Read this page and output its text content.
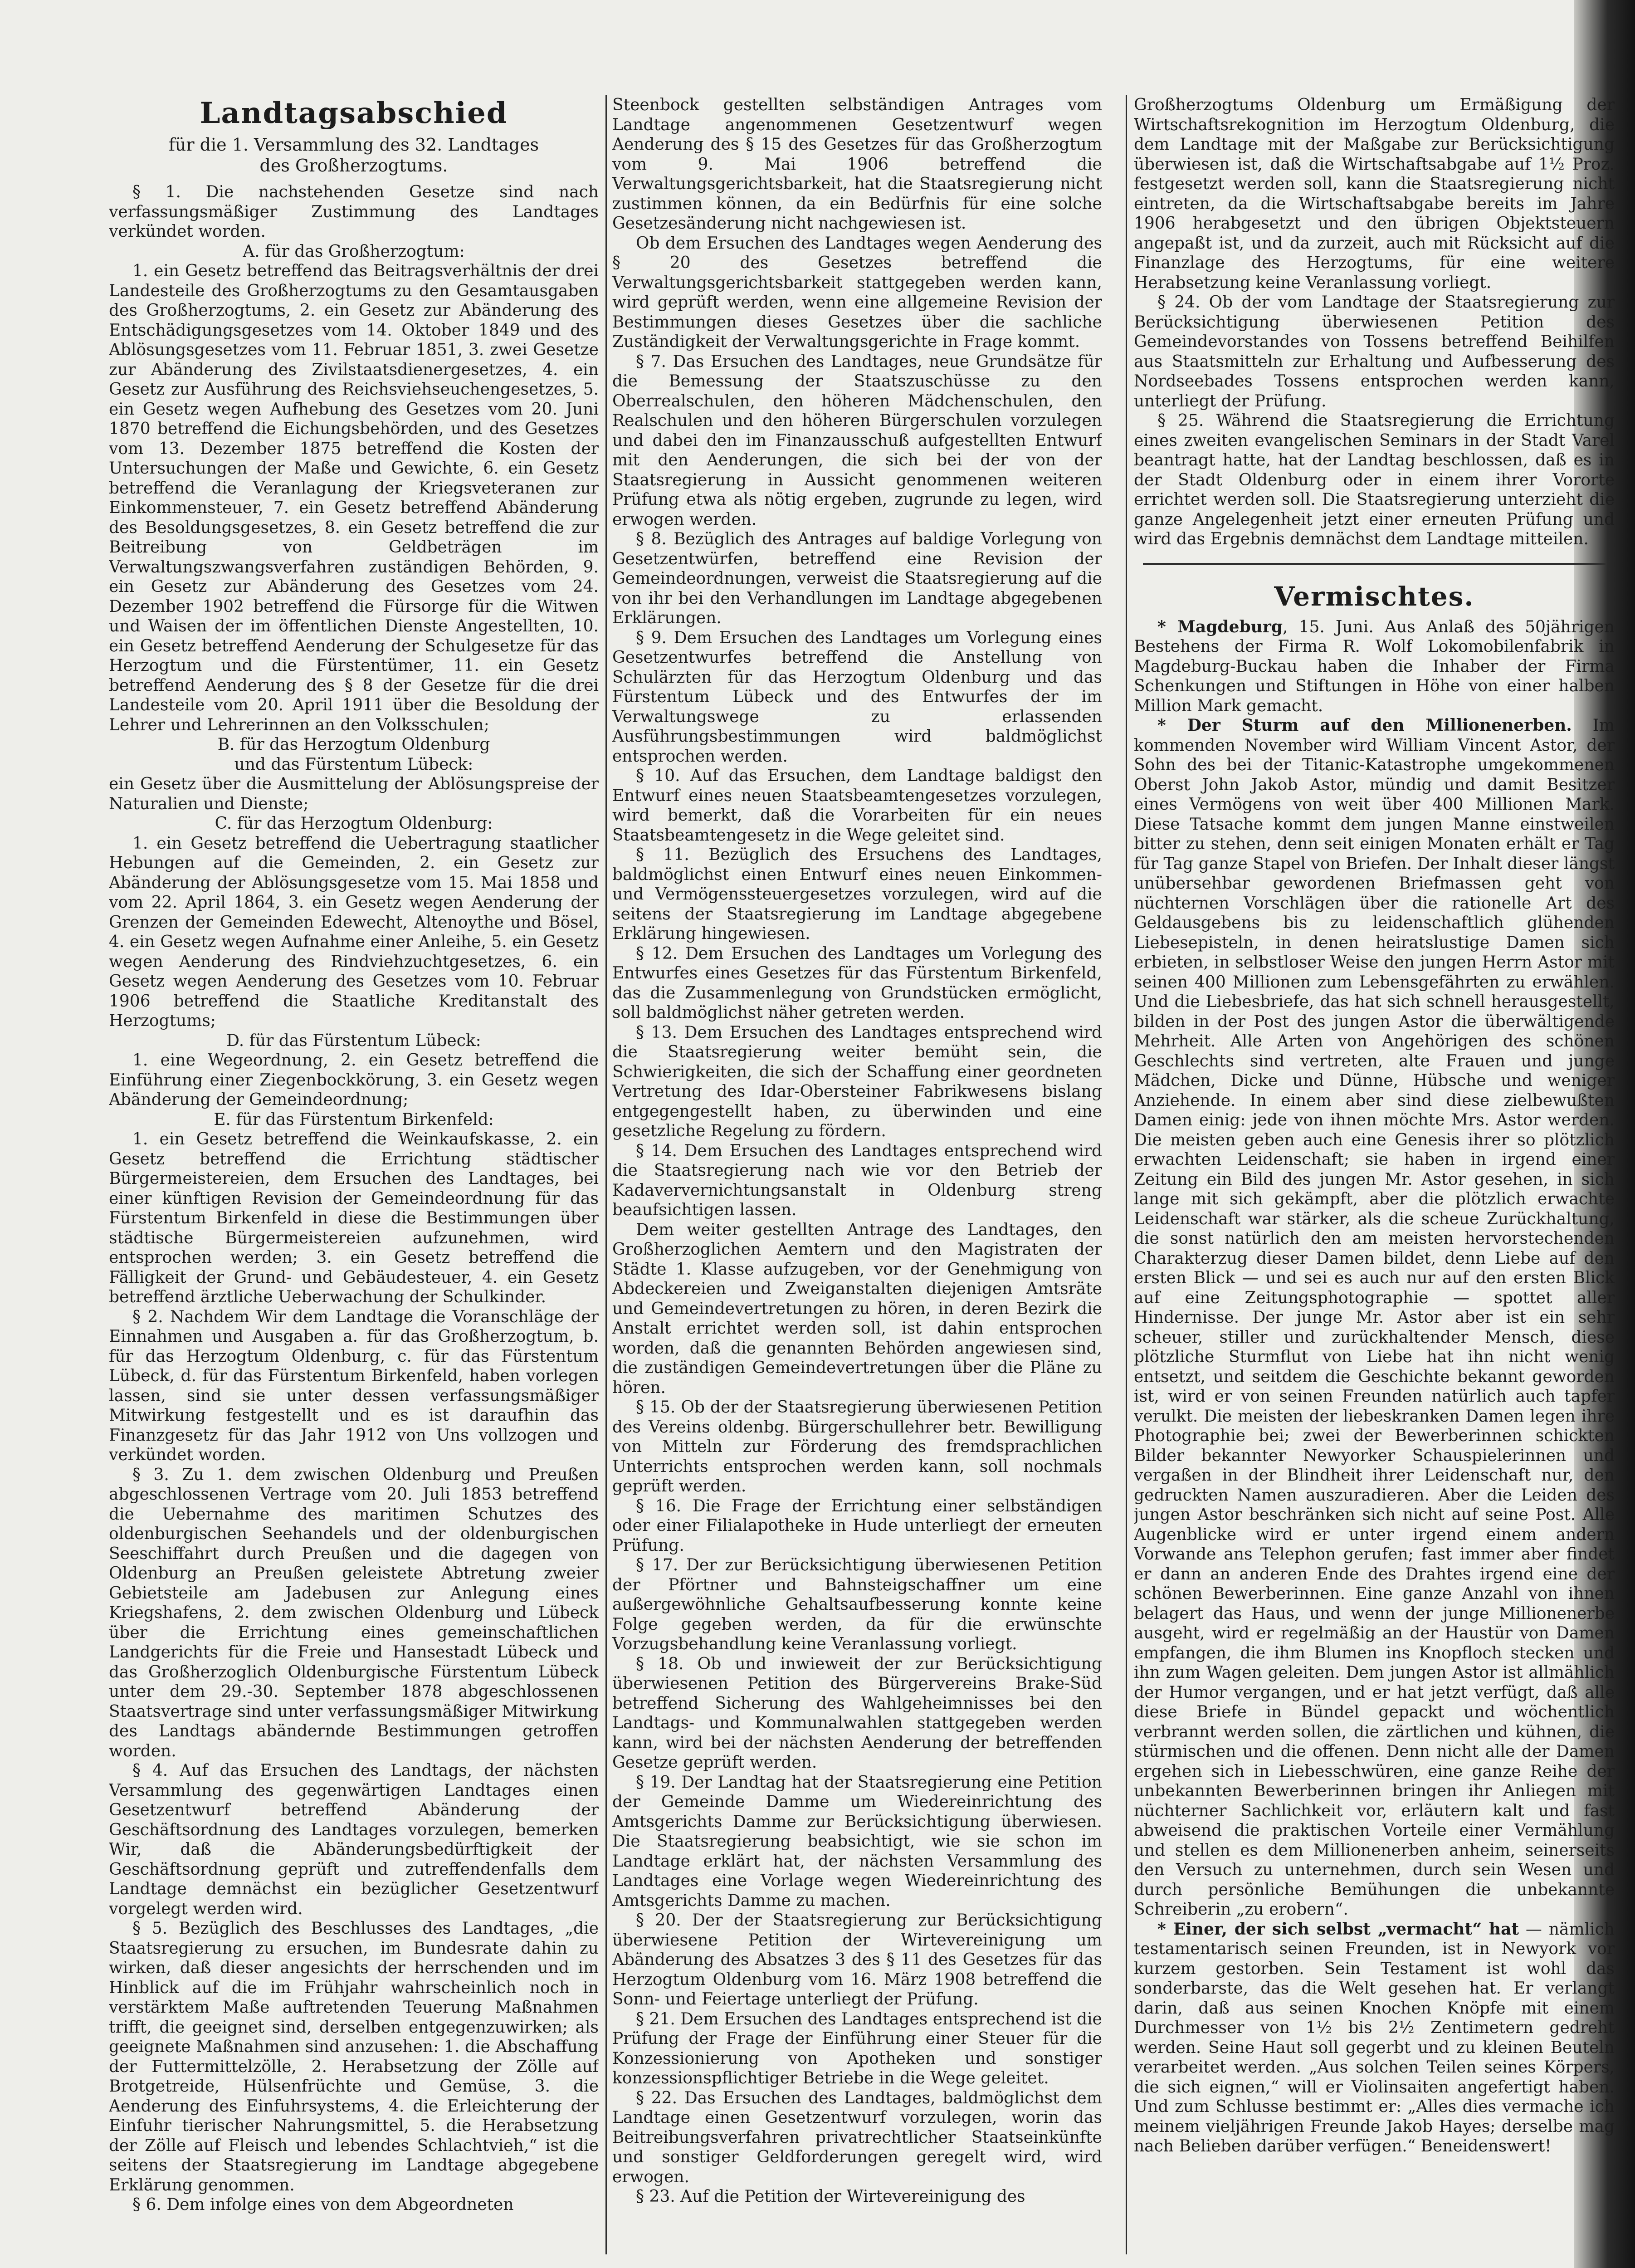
Landtagsabschied

für die 1. Versammlung des 32. Landtages

des Großherzogtums.

§ 1. Die nachstehenden Gesetze sind nach verfassungsmäßiger Zustimmung des Landtages verkündet worden.

A. für das Großherzogtum:

1. ein Gesetz betreffend das Beitragsverhältnis der drei Landesteile des Großherzogtums zu den Gesamtausgaben des Großherzogtums, 2. ein Gesetz zur Abänderung des Entschädigungsgesetzes vom 14. Oktober 1849 und des Ablösungsgesetzes vom 11. Februar 1851, 3. zwei Gesetze zur Abänderung des Zivilstaatsdienergesetzes, 4. ein Gesetz zur Ausführung des Reichsviehseuchengesetzes, 5. ein Gesetz wegen Aufhebung des Gesetzes vom 20. Juni 1870 betreffend die Eichungsbehörden, und des Gesetzes vom 13. Dezember 1875 betreffend die Kosten der Untersuchungen der Maße und Gewichte, 6. ein Gesetz betreffend die Veranlagung der Kriegsveteranen zur Einkommensteuer, 7. ein Gesetz betreffend Abänderung des Besoldungsgesetzes, 8. ein Gesetz betreffend die zur Beitreibung von Geldbeträgen im Verwaltungszwangsverfahren zuständigen Behörden, 9. ein Gesetz zur Abänderung des Gesetzes vom 24. Dezember 1902 betreffend die Fürsorge für die Witwen und Waisen der im öffentlichen Dienste Angestellten, 10. ein Gesetz betreffend Aenderung der Schulgesetze für das Herzogtum und die Fürstentümer, 11. ein Gesetz betreffend Aenderung des § 8 der Gesetze für die drei Landesteile vom 20. April 1911 über die Besoldung der Lehrer und Lehrerinnen an den Volksschulen;

B. für das Herzogtum Oldenburg

und das Fürstentum Lübeck:

ein Gesetz über die Ausmittelung der Ablösungspreise der Naturalien und Dienste;

C. für das Herzogtum Oldenburg:

1. ein Gesetz betreffend die Uebertragung staatlicher Hebungen auf die Gemeinden, 2. ein Gesetz zur Abänderung der Ablösungsgesetze vom 15. Mai 1858 und vom 22. April 1864, 3. ein Gesetz wegen Aenderung der Grenzen der Gemeinden Edewecht, Altenoythe und Bösel, 4. ein Gesetz wegen Aufnahme einer Anleihe, 5. ein Gesetz wegen Aenderung des Rindviehzuchtgesetzes, 6. ein Gesetz wegen Aenderung des Gesetzes vom 10. Februar 1906 betreffend die Staatliche Kreditanstalt des Herzogtums;

D. für das Fürstentum Lübeck:

1. eine Wegeordnung, 2. ein Gesetz betreffend die Einführung einer Ziegenbockkörung, 3. ein Gesetz wegen Abänderung der Gemeindeordnung;

E. für das Fürstentum Birkenfeld:

1. ein Gesetz betreffend die Weinkaufskasse, 2. ein Gesetz betreffend die Errichtung städtischer Bürgermeistereien, dem Ersuchen des Landtages, bei einer künftigen Revision der Gemeindeordnung für das Fürstentum Birkenfeld in diese die Bestimmungen über städtische Bürgermeistereien aufzunehmen, wird entsprochen werden; 3. ein Gesetz betreffend die Fälligkeit der Grund- und Gebäudesteuer, 4. ein Gesetz betreffend ärztliche Ueberwachung der Schulkinder.

§ 2. Nachdem Wir dem Landtage die Voranschläge der Einnahmen und Ausgaben a. für das Großherzogtum, b. für das Herzogtum Oldenburg, c. für das Fürstentum Lübeck, d. für das Fürstentum Birkenfeld, haben vorlegen lassen, sind sie unter dessen verfassungsmäßiger Mitwirkung festgestellt und es ist daraufhin das Finanzgesetz für das Jahr 1912 von Uns vollzogen und verkündet worden.

§ 3. Zu 1. dem zwischen Oldenburg und Preußen abgeschlossenen Vertrage vom 20. Juli 1853 betreffend die Uebernahme des maritimen Schutzes des oldenburgischen Seehandels und der oldenburgischen Seeschiffahrt durch Preußen und die dagegen von Oldenburg an Preußen geleistete Abtretung zweier Gebietsteile am Jadebusen zur Anlegung eines Kriegshafens, 2. dem zwischen Oldenburg und Lübeck über die Errichtung eines gemeinschaftlichen Landgerichts für die Freie und Hansestadt Lübeck und das Großherzoglich Oldenburgische Fürstentum Lübeck unter dem 29.-30. September 1878 abgeschlossenen Staatsvertrage sind unter verfassungsmäßiger Mitwirkung des Landtags abändernde Bestimmungen getroffen worden.

§ 4. Auf das Ersuchen des Landtags, der nächsten Versammlung des gegenwärtigen Landtages einen Gesetzentwurf betreffend Abänderung der Geschäftsordnung des Landtages vorzulegen, bemerken Wir, daß die Abänderungsbedürftigkeit der Geschäftsordnung geprüft und zutreffendenfalls dem Landtage demnächst ein bezüglicher Gesetzentwurf vorgelegt werden wird.

§ 5. Bezüglich des Beschlusses des Landtages, „die Staatsregierung zu ersuchen, im Bundesrate dahin zu wirken, daß dieser angesichts der herrschenden und im Hinblick auf die im Frühjahr wahrscheinlich noch in verstärktem Maße auftretenden Teuerung Maßnahmen trifft, die geeignet sind, derselben entgegenzuwirken; als geeignete Maßnahmen sind anzusehen: 1. die Abschaffung der Futtermittelzölle, 2. Herabsetzung der Zölle auf Brotgetreide, Hülsenfrüchte und Gemüse, 3. die Aenderung des Einfuhrsystems, 4. die Erleichterung der Einfuhr tierischer Nahrungsmittel, 5. die Herabsetzung der Zölle auf Fleisch und lebendes Schlachtvieh,“ ist die seitens der Staatsregierung im Landtage abgegebene Erklärung genommen.

§ 6. Dem infolge eines von dem Abgeordneten

Steenbock gestellten selbständigen Antrages vom Landtage angenommenen Gesetzentwurf wegen Aenderung des § 15 des Gesetzes für das Großherzogtum vom 9. Mai 1906 betreffend die Verwaltungsgerichtsbarkeit, hat die Staatsregierung nicht zustimmen können, da ein Bedürfnis für eine solche Gesetzesänderung nicht nachgewiesen ist.

Ob dem Ersuchen des Landtages wegen Aenderung des § 20 des Gesetzes betreffend die Verwaltungsgerichtsbarkeit stattgegeben werden kann, wird geprüft werden, wenn eine allgemeine Revision der Bestimmungen dieses Gesetzes über die sachliche Zuständigkeit der Verwaltungsgerichte in Frage kommt.

§ 7. Das Ersuchen des Landtages, neue Grundsätze für die Bemessung der Staatszuschüsse zu den Oberrealschulen, den höheren Mädchenschulen, den Realschulen und den höheren Bürgerschulen vorzulegen und dabei den im Finanzausschuß aufgestellten Entwurf mit den Aenderungen, die sich bei der von der Staatsregierung in Aussicht genommenen weiteren Prüfung etwa als nötig ergeben, zugrunde zu legen, wird erwogen werden.

§ 8. Bezüglich des Antrages auf baldige Vorlegung von Gesetzentwürfen, betreffend eine Revision der Gemeindeordnungen, verweist die Staatsregierung auf die von ihr bei den Verhandlungen im Landtage abgegebenen Erklärungen.

§ 9. Dem Ersuchen des Landtages um Vorlegung eines Gesetzentwurfes betreffend die Anstellung von Schulärzten für das Herzogtum Oldenburg und das Fürstentum Lübeck und des Entwurfes der im Verwaltungswege zu erlassenden Ausführungsbestimmungen wird baldmöglichst entsprochen werden.

§ 10. Auf das Ersuchen, dem Landtage baldigst den Entwurf eines neuen Staatsbeamtengesetzes vorzulegen, wird bemerkt, daß die Vorarbeiten für ein neues Staatsbeamtengesetz in die Wege geleitet sind.

§ 11. Bezüglich des Ersuchens des Landtages, baldmöglichst einen Entwurf eines neuen Einkommen- und Vermögenssteuergesetzes vorzulegen, wird auf die seitens der Staatsregierung im Landtage abgegebene Erklärung hingewiesen.

§ 12. Dem Ersuchen des Landtages um Vorlegung des Entwurfes eines Gesetzes für das Fürstentum Birkenfeld, das die Zusammenlegung von Grundstücken ermöglicht, soll baldmöglichst näher getreten werden.

§ 13. Dem Ersuchen des Landtages entsprechend wird die Staatsregierung weiter bemüht sein, die Schwierigkeiten, die sich der Schaffung einer geordneten Vertretung des Idar-Obersteiner Fabrikwesens bislang entgegengestellt haben, zu überwinden und eine gesetzliche Regelung zu fördern.

§ 14. Dem Ersuchen des Landtages entsprechend wird die Staatsregierung nach wie vor den Betrieb der Kadaververnichtungsanstalt in Oldenburg streng beaufsichtigen lassen.

Dem weiter gestellten Antrage des Landtages, den Großherzoglichen Aemtern und den Magistraten der Städte 1. Klasse aufzugeben, vor der Genehmigung von Abdeckereien und Zweiganstalten diejenigen Amtsräte und Gemeindevertretungen zu hören, in deren Bezirk die Anstalt errichtet werden soll, ist dahin entsprochen worden, daß die genannten Behörden angewiesen sind, die zuständigen Gemeindevertretungen über die Pläne zu hören.

§ 15. Ob der der Staatsregierung überwiesenen Petition des Vereins oldenbg. Bürgerschullehrer betr. Bewilligung von Mitteln zur Förderung des fremdsprachlichen Unterrichts entsprochen werden kann, soll nochmals geprüft werden.

§ 16. Die Frage der Errichtung einer selbständigen oder einer Filialapotheke in Hude unterliegt der erneuten Prüfung.

§ 17. Der zur Berücksichtigung überwiesenen Petition der Pförtner und Bahnsteigschaffner um eine außergewöhnliche Gehaltsaufbesserung konnte keine Folge gegeben werden, da für die erwünschte Vorzugsbehandlung keine Veranlassung vorliegt.

§ 18. Ob und inwieweit der zur Berücksichtigung überwiesenen Petition des Bürgervereins Brake-Süd betreffend Sicherung des Wahlgeheimnisses bei den Landtags- und Kommunalwahlen stattgegeben werden kann, wird bei der nächsten Aenderung der betreffenden Gesetze geprüft werden.

§ 19. Der Landtag hat der Staatsregierung eine Petition der Gemeinde Damme um Wiedereinrichtung des Amtsgerichts Damme zur Berücksichtigung überwiesen. Die Staatsregierung beabsichtigt, wie sie schon im Landtage erklärt hat, der nächsten Versammlung des Landtages eine Vorlage wegen Wiedereinrichtung des Amtsgerichts Damme zu machen.

§ 20. Der der Staatsregierung zur Berücksichtigung überwiesene Petition der Wirtevereinigung um Abänderung des Absatzes 3 des § 11 des Gesetzes für das Herzogtum Oldenburg vom 16. März 1908 betreffend die Sonn- und Feiertage unterliegt der Prüfung.

§ 21. Dem Ersuchen des Landtages entsprechend ist die Prüfung der Frage der Einführung einer Steuer für die Konzessionierung von Apotheken und sonstiger konzessionspflichtiger Betriebe in die Wege geleitet.

§ 22. Das Ersuchen des Landtages, baldmöglichst dem Landtage einen Gesetzentwurf vorzulegen, worin das Beitreibungsverfahren privatrechtlicher Staatseinkünfte und sonstiger Geldforderungen geregelt wird, wird erwogen.

§ 23. Auf die Petition der Wirtevereinigung des

Großherzogtums Oldenburg um Ermäßigung der Wirtschaftsrekognition im Herzogtum Oldenburg, die dem Landtage mit der Maßgabe zur Berücksichtigung überwiesen ist, daß die Wirtschaftsabgabe auf 1½ Proz. festgesetzt werden soll, kann die Staatsregierung nicht eintreten, da die Wirtschaftsabgabe bereits im Jahre 1906 herabgesetzt und den übrigen Objektsteuern angepaßt ist, und da zurzeit, auch mit Rücksicht auf die Finanzlage des Herzogtums, für eine weitere Herabsetzung keine Veranlassung vorliegt.

§ 24. Ob der vom Landtage der Staatsregierung zur Berücksichtigung überwiesenen Petition des Gemeindevorstandes von Tossens betreffend Beihilfen aus Staatsmitteln zur Erhaltung und Aufbesserung des Nordseebades Tossens entsprochen werden kann, unterliegt der Prüfung.

§ 25. Während die Staatsregierung die Errichtung eines zweiten evangelischen Seminars in der Stadt Varel beantragt hatte, hat der Landtag beschlossen, daß es in der Stadt Oldenburg oder in einem ihrer Vororte errichtet werden soll. Die Staatsregierung unterzieht die ganze Angelegenheit jetzt einer erneuten Prüfung und wird das Ergebnis demnächst dem Landtage mitteilen.

Vermischtes.

* Magdeburg, 15. Juni. Aus Anlaß des 50jährigen Bestehens der Firma R. Wolf Lokomobilenfabrik in Magdeburg-Buckau haben die Inhaber der Firma Schenkungen und Stiftungen in Höhe von einer halben Million Mark gemacht.

* Der Sturm auf den Millionenerben. Im kommenden November wird William Vincent Astor, der Sohn des bei der Titanic-Katastrophe umgekommenen Oberst John Jakob Astor, mündig und damit Besitzer eines Vermögens von weit über 400 Millionen Mark. Diese Tatsache kommt dem jungen Manne einstweilen bitter zu stehen, denn seit einigen Monaten erhält er Tag für Tag ganze Stapel von Briefen. Der Inhalt dieser längst unübersehbar gewordenen Briefmassen geht von nüchternen Vorschlägen über die rationelle Art des Geldausgebens bis zu leidenschaftlich glühenden Liebesepisteln, in denen heiratslustige Damen sich erbieten, in selbstloser Weise den jungen Herrn Astor mit seinen 400 Millionen zum Lebensgefährten zu erwählen. Und die Liebesbriefe, das hat sich schnell herausgestellt, bilden in der Post des jungen Astor die überwältigende Mehrheit. Alle Arten von Angehörigen des schönen Geschlechts sind vertreten, alte Frauen und junge Mädchen, Dicke und Dünne, Hübsche und weniger Anziehende. In einem aber sind diese zielbewußten Damen einig: jede von ihnen möchte Mrs. Astor werden. Die meisten geben auch eine Genesis ihrer so plötzlich erwachten Leidenschaft; sie haben in irgend einer Zeitung ein Bild des jungen Mr. Astor gesehen, in sich lange mit sich gekämpft, aber die plötzlich erwachte Leidenschaft war stärker, als die scheue Zurückhaltung, die sonst natürlich den am meisten hervorstechenden Charakterzug dieser Damen bildet, denn Liebe auf den ersten Blick — und sei es auch nur auf den ersten Blick auf eine Zeitungsphotographie — spottet aller Hindernisse. Der junge Mr. Astor aber ist ein sehr scheuer, stiller und zurückhaltender Mensch, diese plötzliche Sturmflut von Liebe hat ihn nicht wenig entsetzt, und seitdem die Geschichte bekannt geworden ist, wird er von seinen Freunden natürlich auch tapfer verulkt. Die meisten der liebeskranken Damen legen ihre Photographie bei; zwei der Bewerberinnen schickten Bilder bekannter Newyorker Schauspielerinnen und vergaßen in der Blindheit ihrer Leidenschaft nur, den gedruckten Namen auszuradieren. Aber die Leiden des jungen Astor beschränken sich nicht auf seine Post. Alle Augenblicke wird er unter irgend einem andern Vorwande ans Telephon gerufen; fast immer aber findet er dann an anderen Ende des Drahtes irgend eine der schönen Bewerberinnen. Eine ganze Anzahl von ihnen belagert das Haus, und wenn der junge Millionenerbe ausgeht, wird er regelmäßig an der Haustür von Damen empfangen, die ihm Blumen ins Knopfloch stecken und ihn zum Wagen geleiten. Dem jungen Astor ist allmählich der Humor vergangen, und er hat jetzt verfügt, daß alle diese Briefe in Bündel gepackt und wöchentlich verbrannt werden sollen, die zärtlichen und kühnen, die stürmischen und die offenen. Denn nicht alle der Damen ergehen sich in Liebesschwüren, eine ganze Reihe der unbekannten Bewerberinnen bringen ihr Anliegen mit nüchterner Sachlichkeit vor, erläutern kalt und fast abweisend die praktischen Vorteile einer Vermählung und stellen es dem Millionenerben anheim, seinerseits den Versuch zu unternehmen, durch sein Wesen und durch persönliche Bemühungen die unbekannte Schreiberin „zu erobern“.

* Einer, der sich selbst „vermacht“ hat — nämlich testamentarisch seinen Freunden, ist in Newyork vor kurzem gestorben. Sein Testament ist wohl das sonderbarste, das die Welt gesehen hat. Er verlangt darin, daß aus seinen Knochen Knöpfe mit einem Durchmesser von 1½ bis 2½ Zentimetern gedreht werden. Seine Haut soll gegerbt und zu kleinen Beuteln verarbeitet werden. „Aus solchen Teilen seines Körpers, die sich eignen,“ will er Violinsaiten angefertigt haben. Und zum Schlusse bestimmt er: „Alles dies vermache ich meinem vieljährigen Freunde Jakob Hayes; derselbe mag nach Belieben darüber verfügen.“ Beneidenswert!
